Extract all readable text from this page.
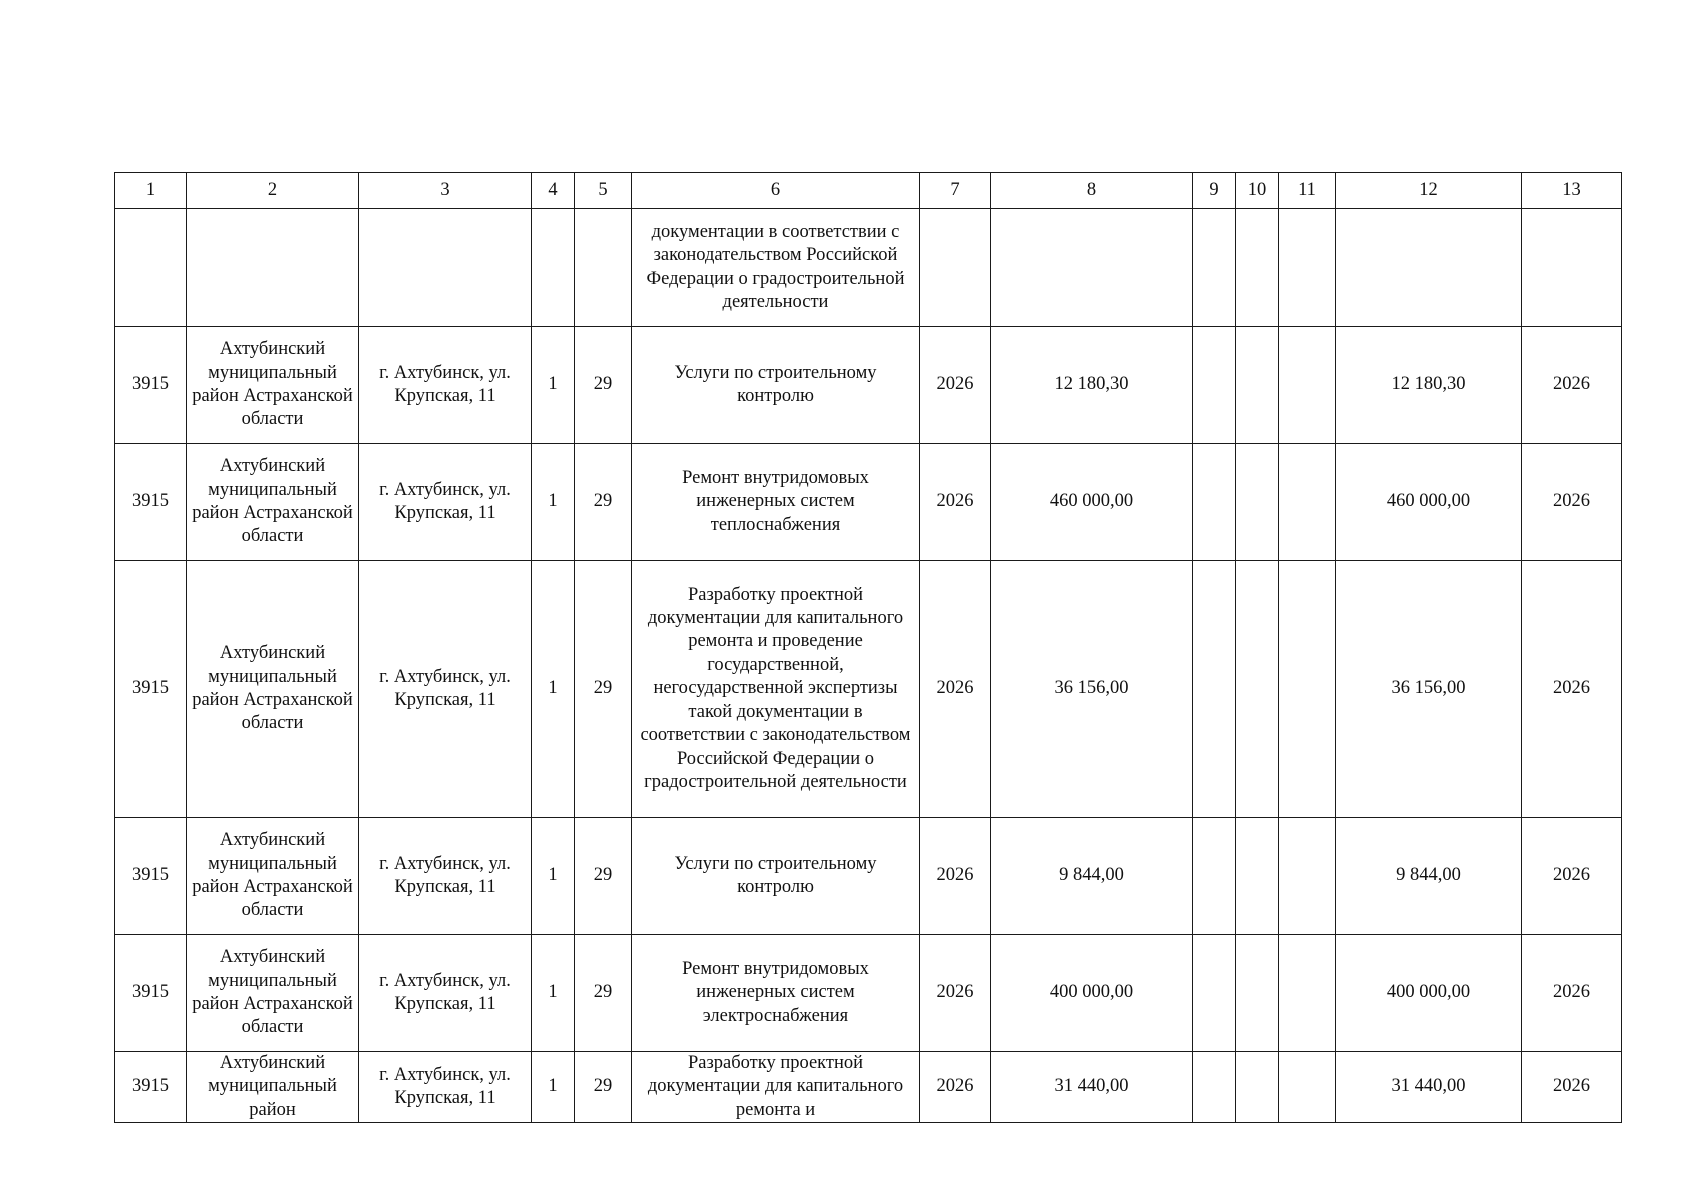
1	2	3	4	5	6	7	8	9	10	11	12	13
					документации в соответствии с законодательством Российской Федерации о градостроительной деятельности							
3915	Ахтубинский муниципальный район Астраханской области	г. Ахтубинск, ул. Крупская, 11	1	29	Услуги по строительному контролю	2026	12 180,30				12 180,30	2026
3915	Ахтубинский муниципальный район Астраханской области	г. Ахтубинск, ул. Крупская, 11	1	29	Ремонт внутридомовых инженерных систем теплоснабжения	2026	460 000,00				460 000,00	2026
3915	Ахтубинский муниципальный район Астраханской области	г. Ахтубинск, ул. Крупская, 11	1	29	Разработку проектной документации для капитального ремонта и проведение государственной, негосударственной экспертизы такой документации в соответствии с законодательством Российской Федерации о градостроительной деятельности	2026	36 156,00				36 156,00	2026
3915	Ахтубинский муниципальный район Астраханской области	г. Ахтубинск, ул. Крупская, 11	1	29	Услуги по строительному контролю	2026	9 844,00				9 844,00	2026
3915	Ахтубинский муниципальный район Астраханской области	г. Ахтубинск, ул. Крупская, 11	1	29	Ремонт внутридомовых инженерных систем электроснабжения	2026	400 000,00				400 000,00	2026
3915	Ахтубинский муниципальный район	г. Ахтубинск, ул. Крупская, 11	1	29	Разработку проектной документации для капитального ремонта и	2026	31 440,00				31 440,00	2026
